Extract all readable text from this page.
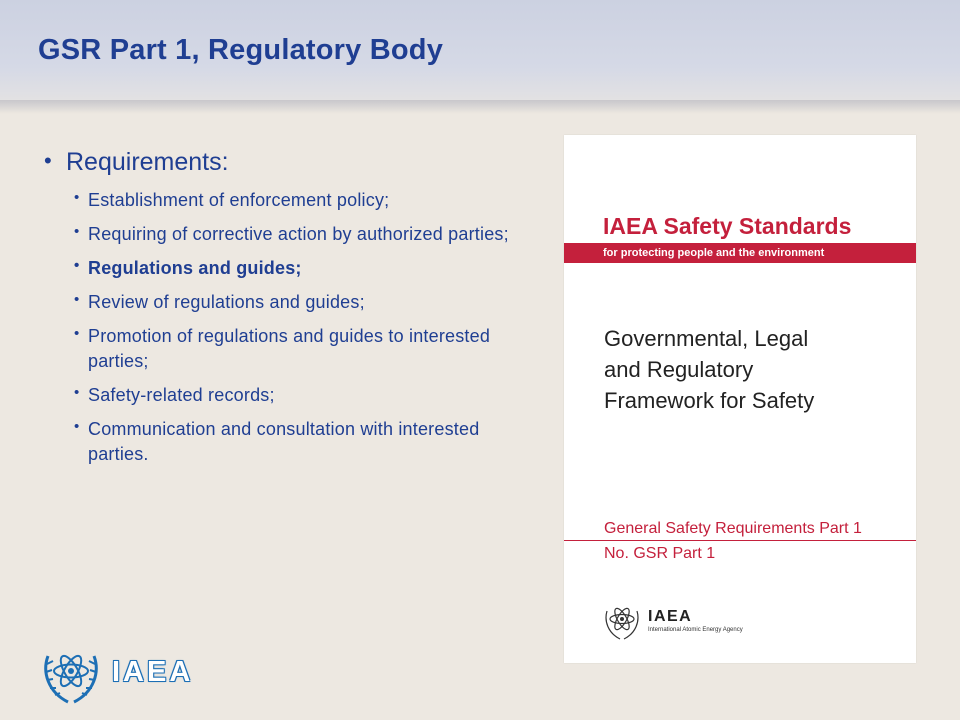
GSR Part 1, Regulatory Body
• Requirements:
• Establishment of enforcement policy;
• Requiring of corrective action by authorized parties;
• Regulations and guides;
• Review of regulations and guides;
• Promotion of regulations and guides to interested parties;
• Safety-related records;
• Communication and consultation with interested parties.
IAEA Safety Standards
for protecting people and the environment
Governmental, Legal
and Regulatory
Framework for Safety
General Safety Requirements Part 1
No. GSR Part 1
IAEA
International Atomic Energy Agency
IAEA
